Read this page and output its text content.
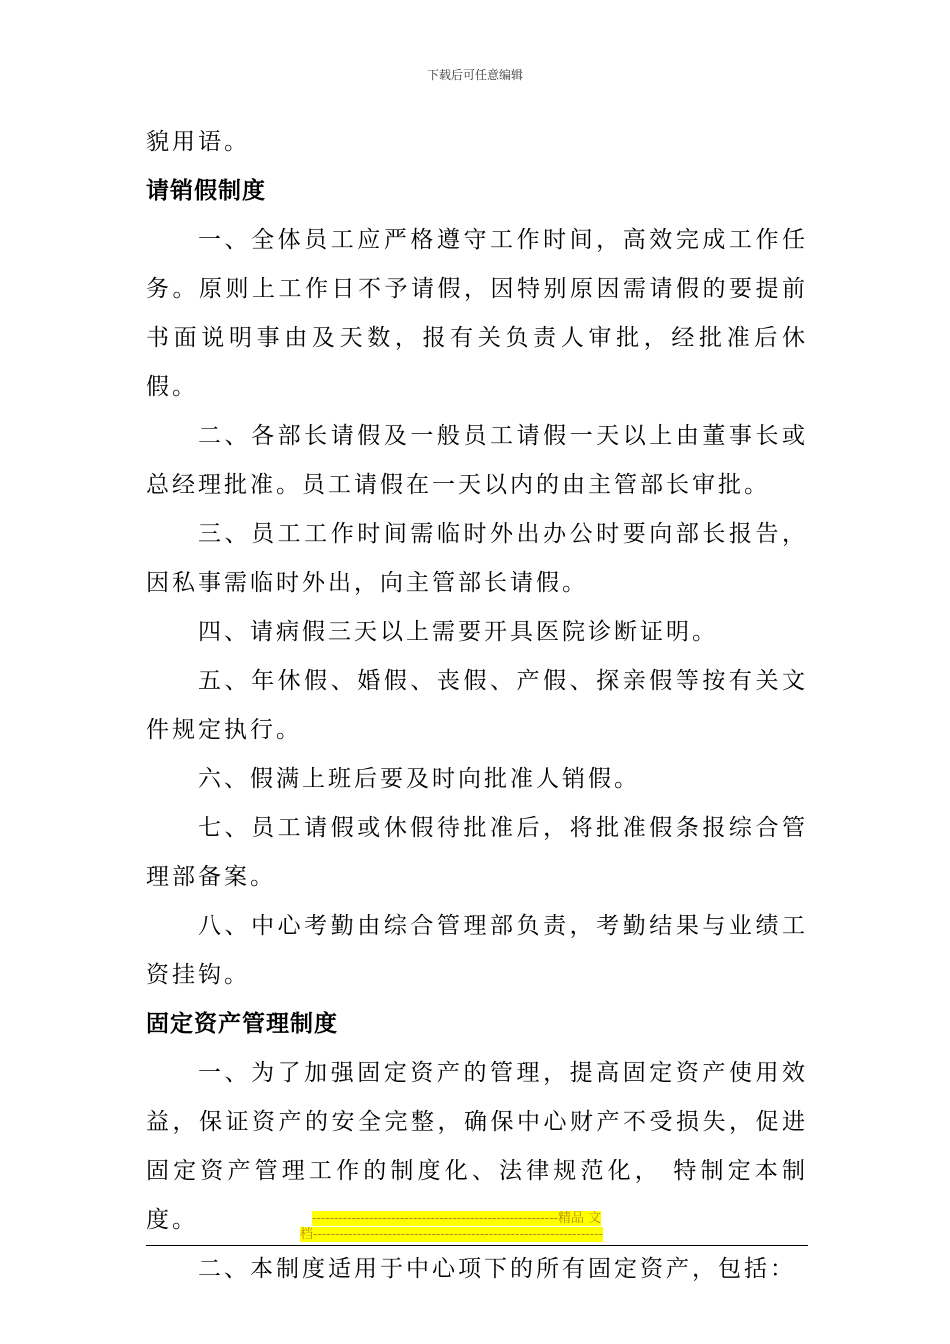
下载后可任意编辑

貌用语。

请销假制度

一、全体员工应严格遵守工作时间，高效完成工作任务。原则上工作日不予请假，因特别原因需请假的要提前书面说明事由及天数，报有关负责人审批，经批准后休假。

二、各部长请假及一般员工请假一天以上由董事长或总经理批准。员工请假在一天以内的由主管部长审批。

三、员工工作时间需临时外出办公时要向部长报告，因私事需临时外出，向主管部长请假。

四、请病假三天以上需要开具医院诊断证明。

五、年休假、婚假、丧假、产假、探亲假等按有关文件规定执行。

六、假满上班后要及时向批准人销假。

七、员工请假或休假待批准后，将批准假条报综合管理部备案。

八、中心考勤由综合管理部负责，考勤结果与业绩工资挂钩。

固定资产管理制度

一、为了加强固定资产的管理，提高固定资产使用效益，保证资产的安全完整，确保中心财产不受损失，促进固定资产管理工作的制度化、法律规范化， 特制定本制度。

二、本制度适用于中心项下的所有固定资产，包括：

--------------------------------------------------------精品 文
档------------------------------------------------------------------
